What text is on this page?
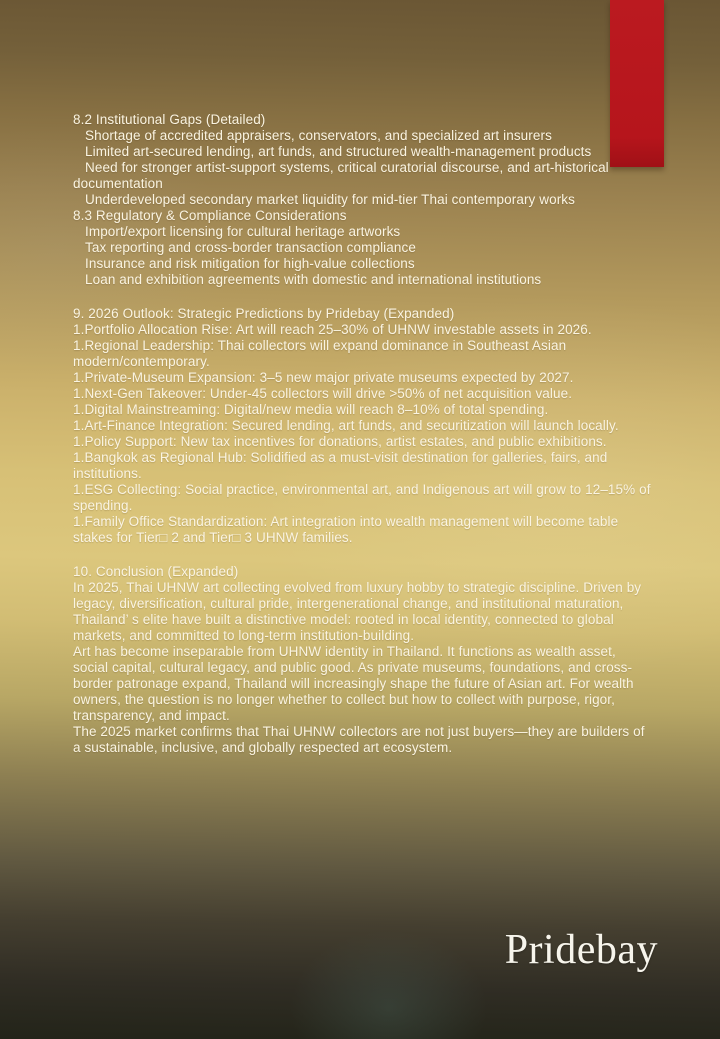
8.2 Institutional Gaps (Detailed)

Shortage of accredited appraisers, conservators, and specialized art insurers

Limited art-secured lending, art funds, and structured wealth-management products

Need for stronger artist-support systems, critical curatorial discourse, and art-historical documentation

Underdeveloped secondary market liquidity for mid-tier Thai contemporary works

8.3 Regulatory & Compliance Considerations

Import/export licensing for cultural heritage artworks

Tax reporting and cross-border transaction compliance

Insurance and risk mitigation for high-value collections

Loan and exhibition agreements with domestic and international institutions

9. 2026 Outlook: Strategic Predictions by Pridebay (Expanded)

1.Portfolio Allocation Rise: Art will reach 25–30% of UHNW investable assets in 2026.

1.Regional Leadership: Thai collectors will expand dominance in Southeast Asian modern/contemporary.

1.Private-Museum Expansion: 3–5 new major private museums expected by 2027.

1.Next-Gen Takeover: Under-45 collectors will drive >50% of net acquisition value.

1.Digital Mainstreaming: Digital/new media will reach 8–10% of total spending.

1.Art-Finance Integration: Secured lending, art funds, and securitization will launch locally.

1.Policy Support: New tax incentives for donations, artist estates, and public exhibitions.

1.Bangkok as Regional Hub: Solidified as a must-visit destination for galleries, fairs, and institutions.

1.ESG Collecting: Social practice, environmental art, and Indigenous art will grow to 12–15% of spending.

1.Family Office Standardization: Art integration into wealth management will become table stakes for Tier□ 2 and Tier□ 3 UHNW families.

10. Conclusion (Expanded)

In 2025, Thai UHNW art collecting evolved from luxury hobby to strategic discipline. Driven by legacy, diversification, cultural pride, intergenerational change, and institutional maturation, Thailand’ s elite have built a distinctive model: rooted in local identity, connected to global markets, and committed to long-term institution-building.

Art has become inseparable from UHNW identity in Thailand. It functions as wealth asset, social capital, cultural legacy, and public good. As private museums, foundations, and cross-border patronage expand, Thailand will increasingly shape the future of Asian art. For wealth owners, the question is no longer whether to collect but how to collect with purpose, rigor, transparency, and impact.

The 2025 market confirms that Thai UHNW collectors are not just buyers—they are builders of a sustainable, inclusive, and globally respected art ecosystem.

Pridebay
